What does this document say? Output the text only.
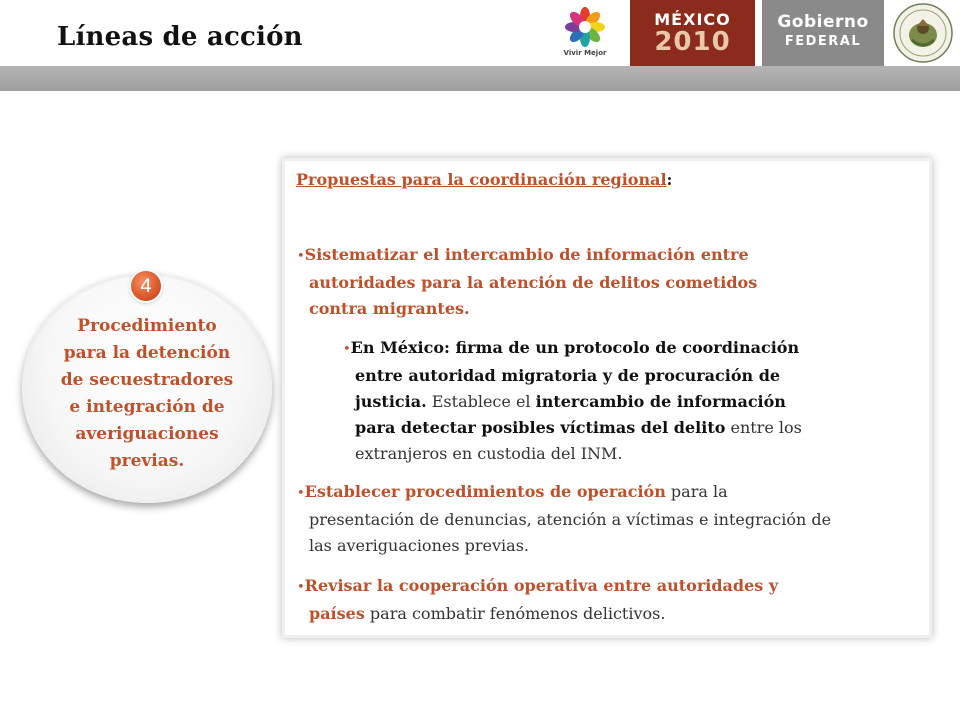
Líneas de acción
Vivir Mejor
MÉXICO
2010
Gobierno
FEDERAL
4
Procedimiento
para la detención
de secuestradores
e integración de
averiguaciones
previas.
Propuestas para la coordinación regional:
•Sistematizar el intercambio de información entre
autoridades para la atención de delitos cometidos
contra migrantes.
•En México: firma de un protocolo de coordinación
entre autoridad migratoria y de procuración de
justicia. Establece el intercambio de información
para detectar posibles víctimas del delito entre los
extranjeros en custodia del INM.
•Establecer procedimientos de operación para la
presentación de denuncias, atención a víctimas e integración de
las averiguaciones previas.
•Revisar la cooperación operativa entre autoridades y
países para combatir fenómenos delictivos.
